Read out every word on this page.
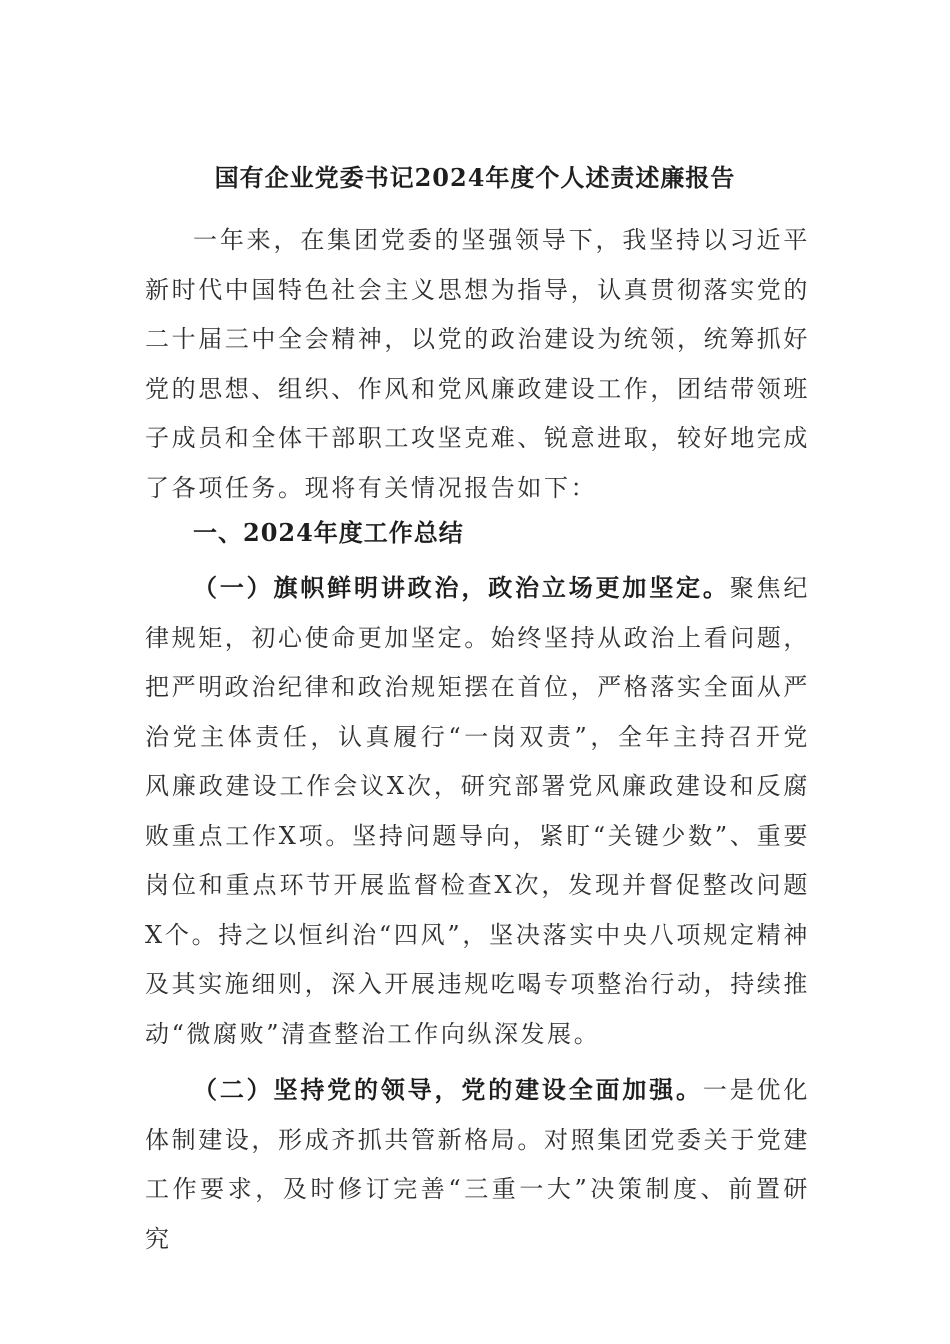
国有企业党委书记2024年度个人述责述廉报告

一年来，在集团党委的坚强领导下，我坚持以习近平新时代中国特色社会主义思想为指导，认真贯彻落实党的二十届三中全会精神，以党的政治建设为统领，统筹抓好党的思想、组织、作风和党风廉政建设工作，团结带领班子成员和全体干部职工攻坚克难、锐意进取，较好地完成了各项任务。现将有关情况报告如下：

一、2024年度工作总结

（一）旗帜鲜明讲政治，政治立场更加坚定。聚焦纪律规矩，初心使命更加坚定。始终坚持从政治上看问题，把严明政治纪律和政治规矩摆在首位，严格落实全面从严治党主体责任，认真履行“一岗双责”，全年主持召开党风廉政建设工作会议X次，研究部署党风廉政建设和反腐败重点工作X项。坚持问题导向，紧盯“关键少数”、重要岗位和重点环节开展监督检查X次，发现并督促整改问题X个。持之以恒纠治“四风”，坚决落实中央八项规定精神及其实施细则，深入开展违规吃喝专项整治行动，持续推动“微腐败”清查整治工作向纵深发展。

（二）坚持党的领导，党的建设全面加强。一是优化体制建设，形成齐抓共管新格局。对照集团党委关于党建工作要求，及时修订完善“三重一大”决策制度、前置研究
